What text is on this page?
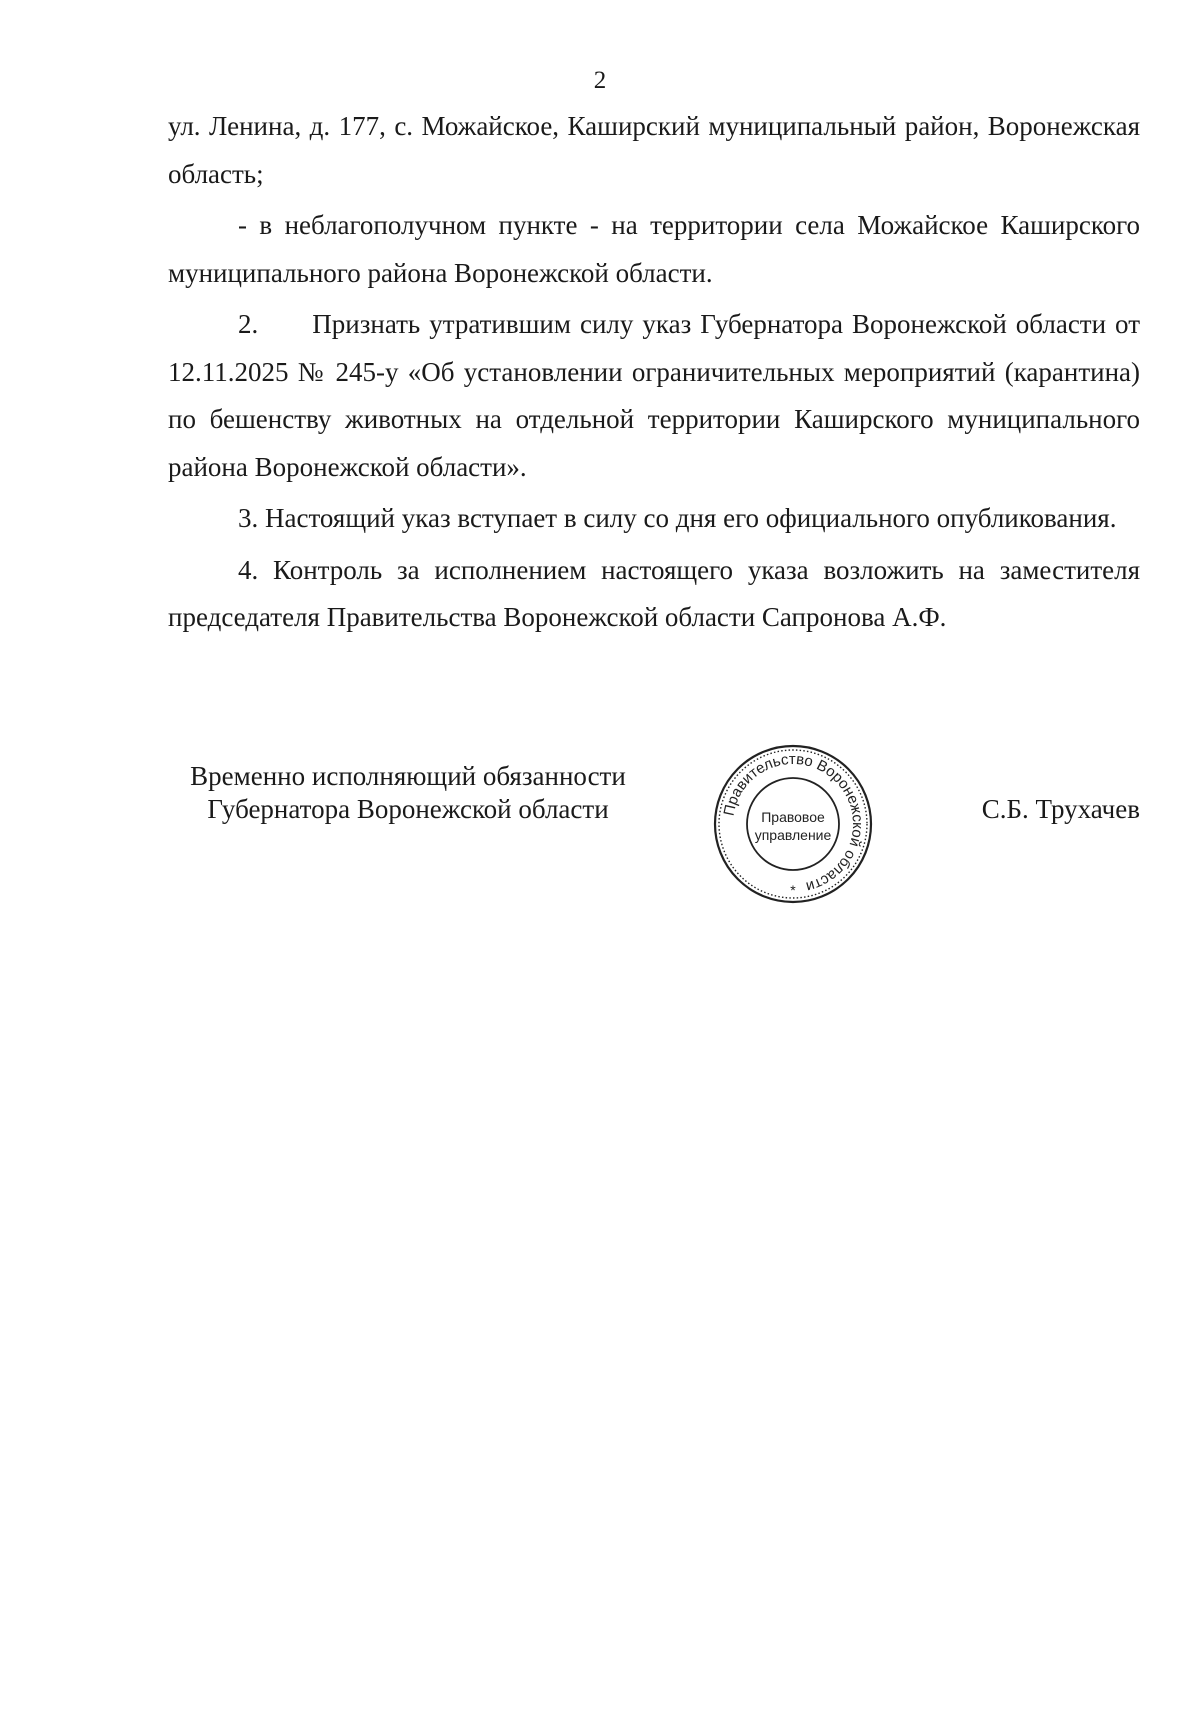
2

ул. Ленина, д. 177, с. Можайское, Каширский муниципальный район, Воронежская область;

- в неблагополучном пункте - на территории села Можайское Каширского муниципального района Воронежской области.

2.  Признать утратившим силу указ Губернатора Воронежской области от 12.11.2025 № 245-у «Об установлении ограничительных мероприятий (карантина) по бешенству животных на отдельной территории Каширского муниципального района Воронежской области».

3. Настоящий указ вступает в силу со дня его официального опубликования.

4. Контроль за исполнением настоящего указа возложить на заместителя председателя Правительства Воронежской области Сапронова А.Ф.

Временно исполняющий обязанности
Губернатора Воронежской области	Правительство Воронежской области
Правовое
управление
*
С.Б. Трухачев
